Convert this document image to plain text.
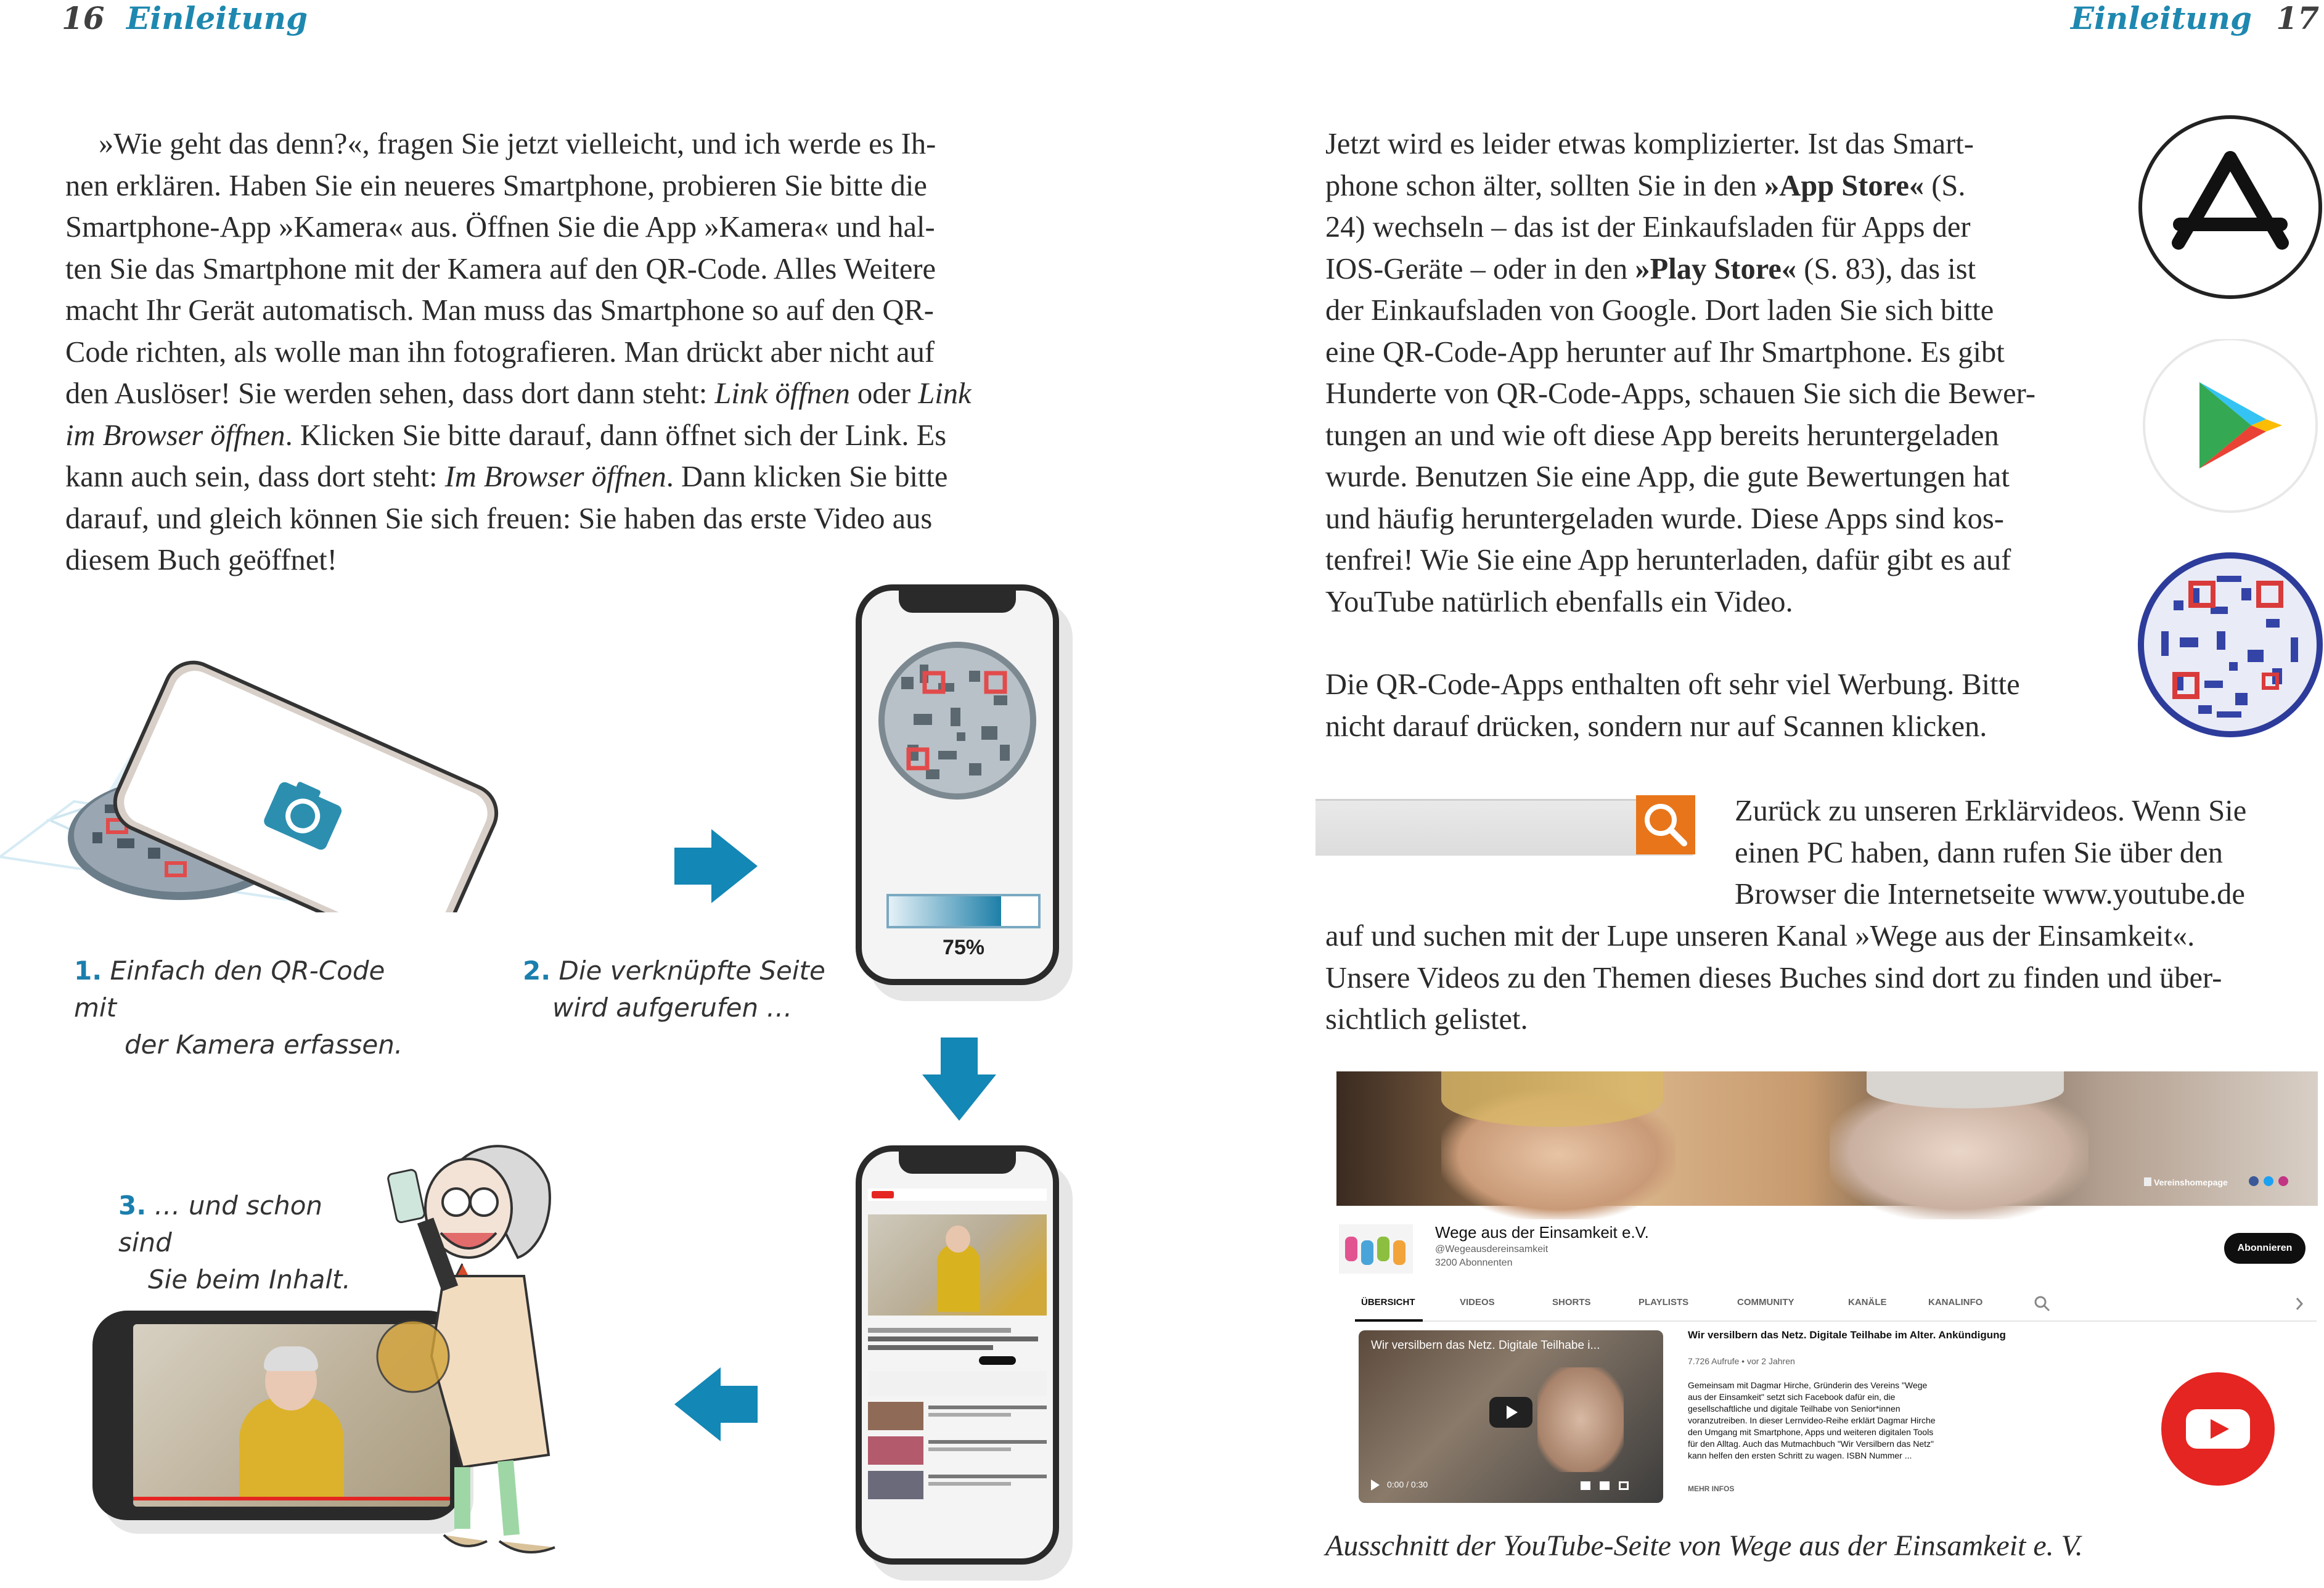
16 Einleitung	Einleitung 17

»Wie geht das denn?«, fragen Sie jetzt vielleicht, und ich werde es Ih-

nen erklären. Haben Sie ein neueres Smartphone, probieren Sie bitte die

Smartphone-App »Kamera« aus. Öffnen Sie die App »Kamera« und hal-

ten Sie das Smartphone mit der Kamera auf den QR-Code. Alles Weitere

macht Ihr Gerät automatisch. Man muss das Smartphone so auf den QR-

Code richten, als wolle man ihn fotografieren. Man drückt aber nicht auf

den Auslöser! Sie werden sehen, dass dort dann steht: Link öffnen oder Link

im Browser öffnen. Klicken Sie bitte darauf, dann öffnet sich der Link. Es

kann auch sein, dass dort steht: Im Browser öffnen. Dann klicken Sie bitte

darauf, und gleich können Sie sich freuen: Sie haben das erste Video aus

diesem Buch geöffnet!

1. Einfach den QR-Code mit
der Kamera erfassen.
2. Die verknüpfte Seite
wird aufgerufen …
75%
3. … und schon sind
Sie beim Inhalt.

Jetzt wird es leider etwas komplizierter. Ist das Smart-

phone schon älter, sollten Sie in den »App Store« (S.

24) wechseln – das ist der Einkaufsladen für Apps der

IOS-Geräte – oder in den »Play Store« (S. 83), das ist

der Einkaufsladen von Google. Dort laden Sie sich bitte

eine QR-Code-App herunter auf Ihr Smartphone. Es gibt

Hunderte von QR-Code-Apps, schauen Sie sich die Bewer-

tungen an und wie oft diese App bereits heruntergeladen

wurde. Benutzen Sie eine App, die gute Bewertungen hat

und häufig heruntergeladen wurde. Diese Apps sind kos-

tenfrei! Wie Sie eine App herunterladen, dafür gibt es auf

YouTube natürlich ebenfalls ein Video.

Die QR-Code-Apps enthalten oft sehr viel Werbung. Bitte

nicht darauf drücken, sondern nur auf Scannen klicken.

Zurück zu unseren Erklärvideos. Wenn Sie

einen PC haben, dann rufen Sie über den

Browser die Internetseite www.youtube.de

auf und suchen mit der Lupe unseren Kanal »Wege aus der Einsamkeit«.

Unsere Videos zu den Themen dieses Buches sind dort zu finden und über-

sichtlich gelistet.

Vereinshomepage
Wege aus der Einsamkeit e.V.
@Wegeausdereinsamkeit
3200 Abonnenten
Abonnieren
ÜBERSICHT	VIDEOS	SHORTS	PLAYLISTS	COMMUNITY	KANÄLE	KANALINFO
Wir versilbern das Netz. Digitale Teilhabe i...
0:00 / 0:30

Wir versilbern das Netz. Digitale Teilhabe im Alter. Ankündigung
7.726 Aufrufe • vor 2 Jahren
Gemeinsam mit Dagmar Hirche, Gründerin des Vereins "Wege
aus der Einsamkeit" setzt sich Facebook dafür ein, die
gesellschaftliche und digitale Teilhabe von Senior*innen
voranzutreiben. In dieser Lernvideo-Reihe erklärt Dagmar Hirche
den Umgang mit Smartphone, Apps und weiteren digitalen Tools
für den Alltag. Auch das Mutmachbuch "Wir Versilbern das Netz"
kann helfen den ersten Schritt zu wagen. ISBN Nummer ...
MEHR INFOS
Ausschnitt der YouTube-Seite von Wege aus der Einsamkeit e. V.
